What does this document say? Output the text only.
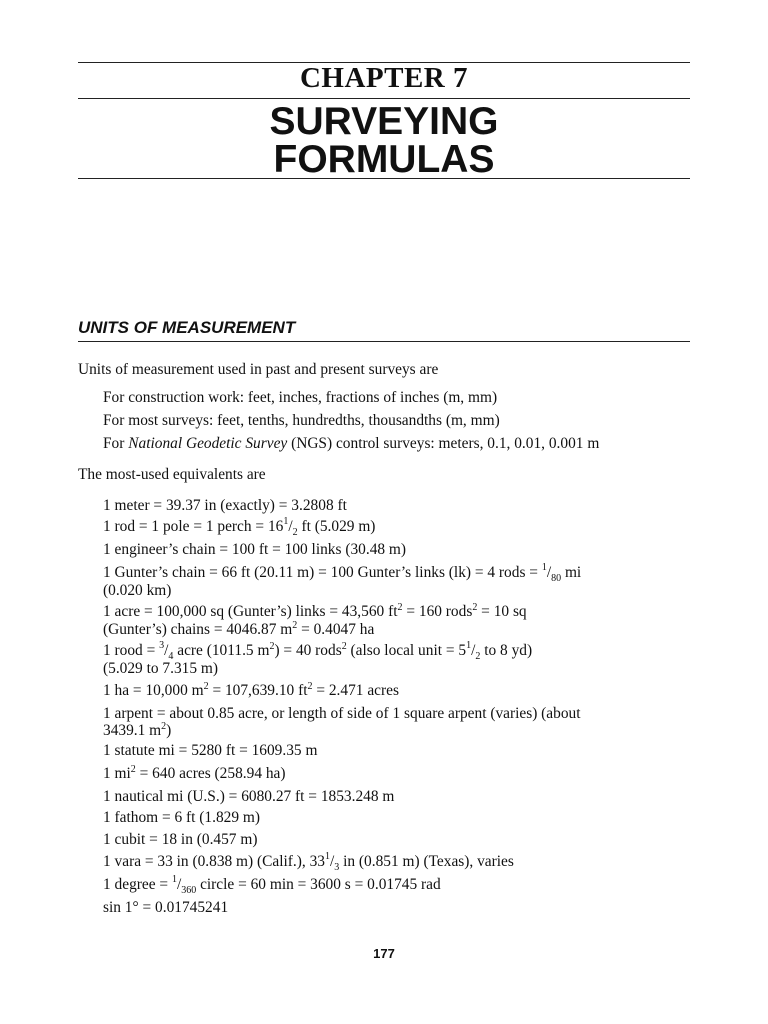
CHAPTER 7
SURVEYING
FORMULAS
UNITS OF MEASUREMENT
Units of measurement used in past and present surveys are
For construction work: feet, inches, fractions of inches (m, mm)
For most surveys: feet, tenths, hundredths, thousandths (m, mm)
For National Geodetic Survey (NGS) control surveys: meters, 0.1, 0.01, 0.001 m
The most-used equivalents are
1 meter = 39.37 in (exactly) = 3.2808 ft
1 rod = 1 pole = 1 perch = $16^1/_2$ ft (5.029 m)
1 engineer’s chain = 100 ft = 100 links (30.48 m)
1 Gunter’s chain = 66 ft (20.11 m) = 100 Gunter’s links (lk) = 4 rods = $^1/_{80}$ mi
(0.020 km)
1 acre = 100,000 sq (Gunter’s) links = 43,560 $ft^2 = 160$ rods$^2$ = 10 sq
(Gunter’s) chains = 4046.87 $m^2 = 0.4047$ ha
1 rood = $^3/_4$ acre (1011.5 $m^2) = 40$ rods$^2$ (also local unit = $5^1/_2$ to 8 yd)
(5.029 to 7.315 m)
1 ha = 10,000 $m^2 = 107,639.10$ $ft^2 = 2.471$ acres
1 arpent = about 0.85 acre, or length of side of 1 square arpent (varies) (about
3439.1 $m^2$)
1 statute mi = 5280 ft = 1609.35 m
1 $mi^2 = 640$ acres (258.94 ha)
1 nautical mi (U.S.) = 6080.27 ft = 1853.248 m
1 fathom = 6 ft (1.829 m)
1 cubit = 18 in (0.457 m)
1 vara = 33 in (0.838 m) (Calif.), $33^1/_3$ in (0.851 m) (Texas), varies
1 degree = $^1/_{360}$ circle = 60 min = 3600 s = 0.01745 rad
sin 1° = 0.01745241
177
